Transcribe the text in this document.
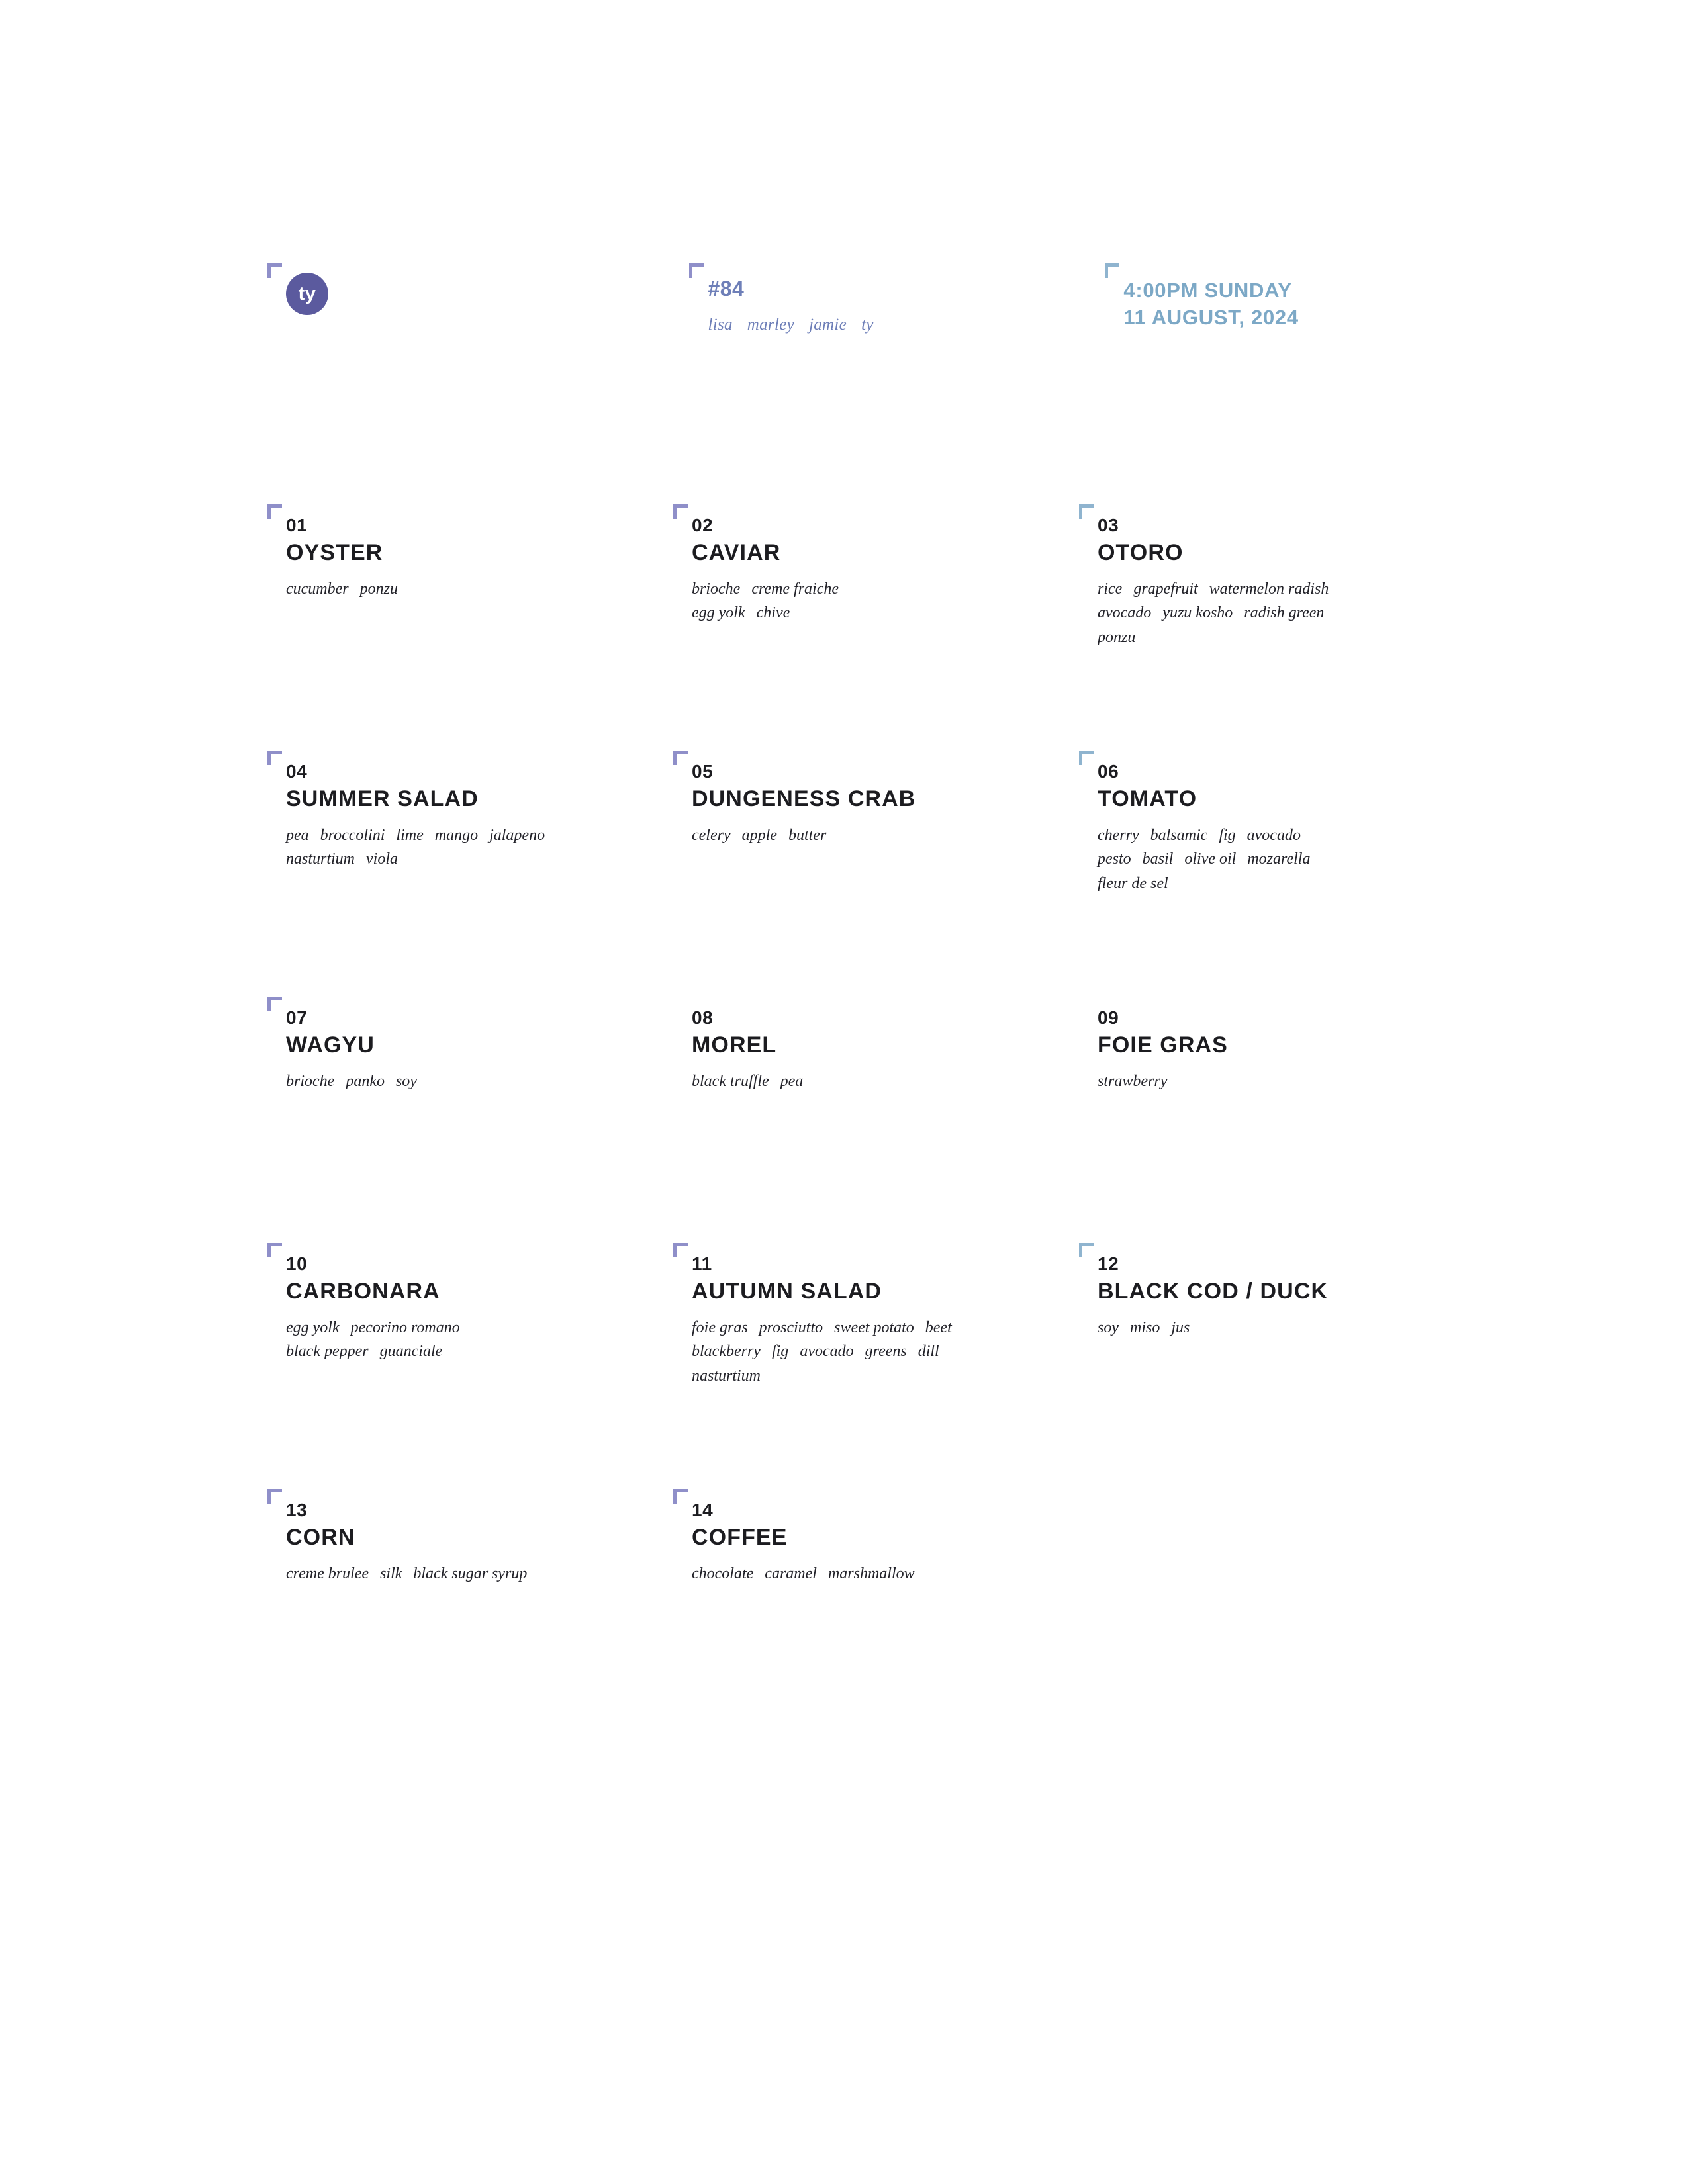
ty	#84
lisa marley jamie ty
4:00PM SUNDAY
11 AUGUST, 2024
01
OYSTER
cucumber ponzu
02
CAVIAR
brioche creme fraiche
egg yolk chive
03
OTORO
rice grapefruit watermelon radish
avocado yuzu kosho radish green
ponzu
04
SUMMER SALAD
pea broccolini lime mango jalapeno
nasturtium viola
05
DUNGENESS CRAB
celery apple butter
06
TOMATO
cherry balsamic fig avocado
pesto basil olive oil mozarella
fleur de sel
07
WAGYU
brioche panko soy
08
MOREL
black truffle pea
09
FOIE GRAS
strawberry
10
CARBONARA
egg yolk pecorino romano
black pepper guanciale
11
AUTUMN SALAD
foie gras prosciutto sweet potato beet
blackberry fig avocado greens dill
nasturtium
12
BLACK COD / DUCK
soy miso jus
13
CORN
creme brulee silk black sugar syrup
14
COFFEE
chocolate caramel marshmallow
